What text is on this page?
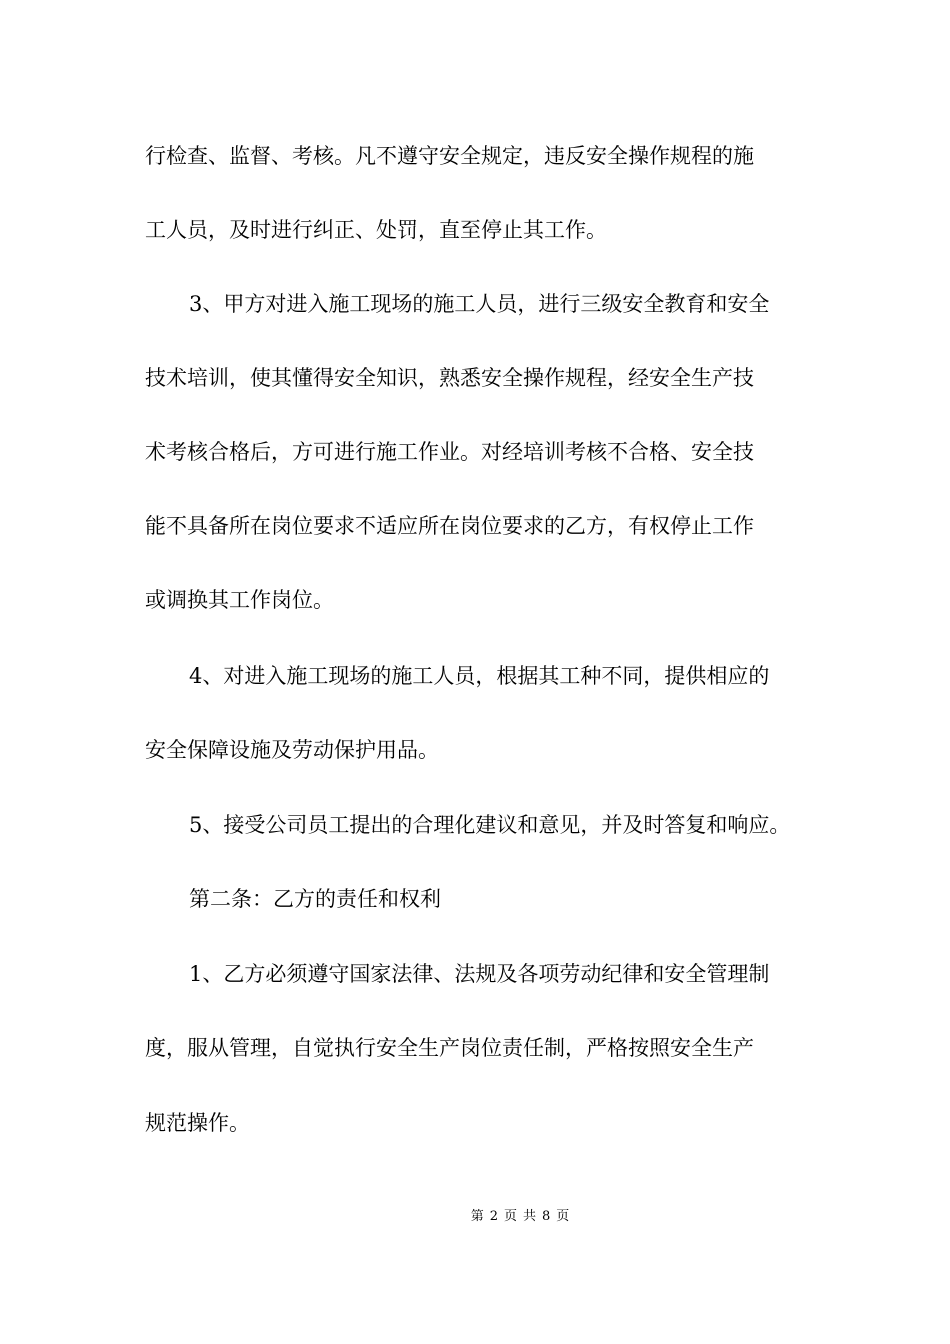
行检查、监督、考核。凡不遵守安全规定，违反安全操作规程的施
工人员，及时进行纠正、处罚，直至停止其工作。
3、甲方对进入施工现场的施工人员，进行三级安全教育和安全
技术培训，使其懂得安全知识，熟悉安全操作规程，经安全生产技
术考核合格后，方可进行施工作业。对经培训考核不合格、安全技
能不具备所在岗位要求不适应所在岗位要求的乙方，有权停止工作
或调换其工作岗位。
4、对进入施工现场的施工人员，根据其工种不同，提供相应的
安全保障设施及劳动保护用品。
5、接受公司员工提出的合理化建议和意见，并及时答复和响应。
第二条：乙方的责任和权利
1、乙方必须遵守国家法律、法规及各项劳动纪律和安全管理制
度，服从管理，自觉执行安全生产岗位责任制，严格按照安全生产
规范操作。
第 2 页 共 8 页
